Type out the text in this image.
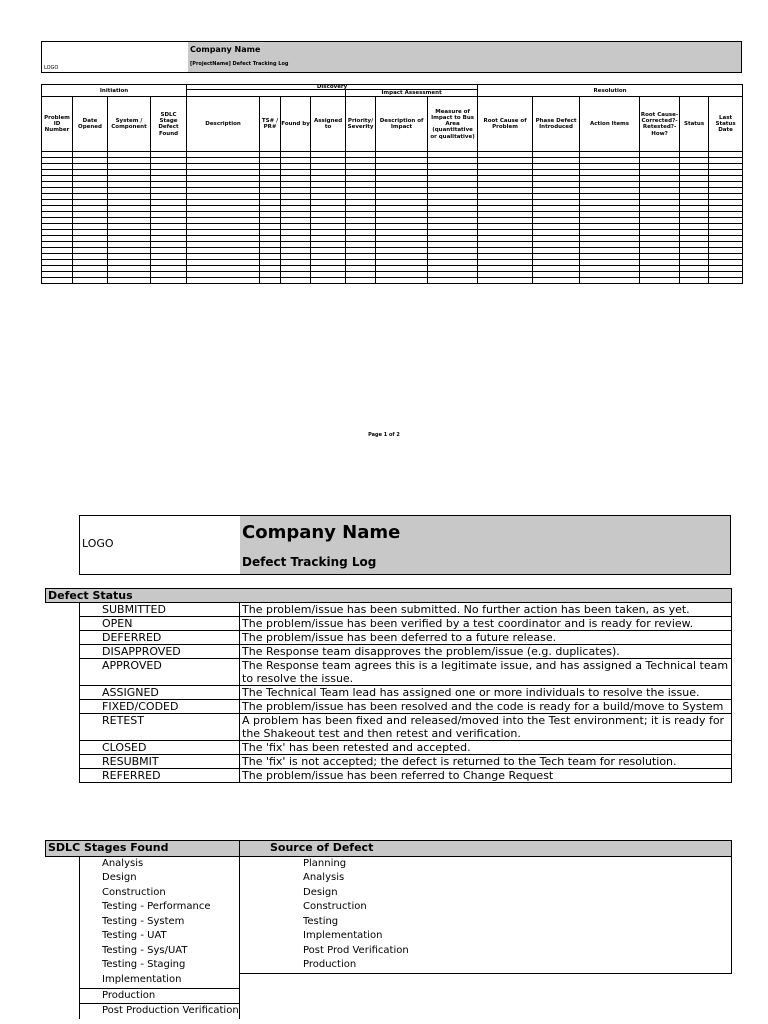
LOGO
Company Name
[ProjectName] Defect Tracking Log
Initiation				Discovery							Resolution					
								Impact Assessment								
Problem ID Number	Date Opened	System / Component	SDLC Stage Defect Found	Description	TS# / PR#	Found by	Assigned to	Priority/ Severity	Description of Impact	Measure of Impact to Bus Area (quantitative or qualitative)	Root Cause of Problem	Phase Defect Introduced	Action Items	Root Cause-Corrected?-Retested?-How?	Status	Last Status Date

Page 1 of 2
LOGO
Company Name
Defect Tracking Log
Defect Status		
	SUBMITTED	The problem/issue has been submitted. No further action has been taken, as yet.
	OPEN	The problem/issue has been verified by a test coordinator and is ready for review.
	DEFERRED	The problem/issue has been deferred to a future release.
	DISAPPROVED	The Response team disapproves the problem/issue (e.g. duplicates).
	APPROVED	The Response team agrees this is a legitimate issue, and has assigned a Technical team to resolve the issue.
	ASSIGNED	The Technical Team lead has assigned one or more individuals to resolve the issue.
	FIXED/CODED	The problem/issue has been resolved and the code is ready for a build/move to System
	RETEST	A problem has been fixed and released/moved into the Test environment; it is ready for the Shakeout test and then retest and verification.
	CLOSED	The 'fix' has been retested and accepted.
	RESUBMIT	The 'fix' is not accepted; the defect is returned to the Tech team for resolution.
	REFERRED	The problem/issue has been referred to Change Request
SDLC Stages Found		Source of Defect
	Analysis	Planning
	Design	Analysis
	Construction	Design
	Testing - Performance	Construction
	Testing - System	Testing
	Testing - UAT	Implementation
	Testing - Sys/UAT	Post Prod Verification
	Testing - Staging	Production
	Implementation	
	Production	
	Post Production Verification	
